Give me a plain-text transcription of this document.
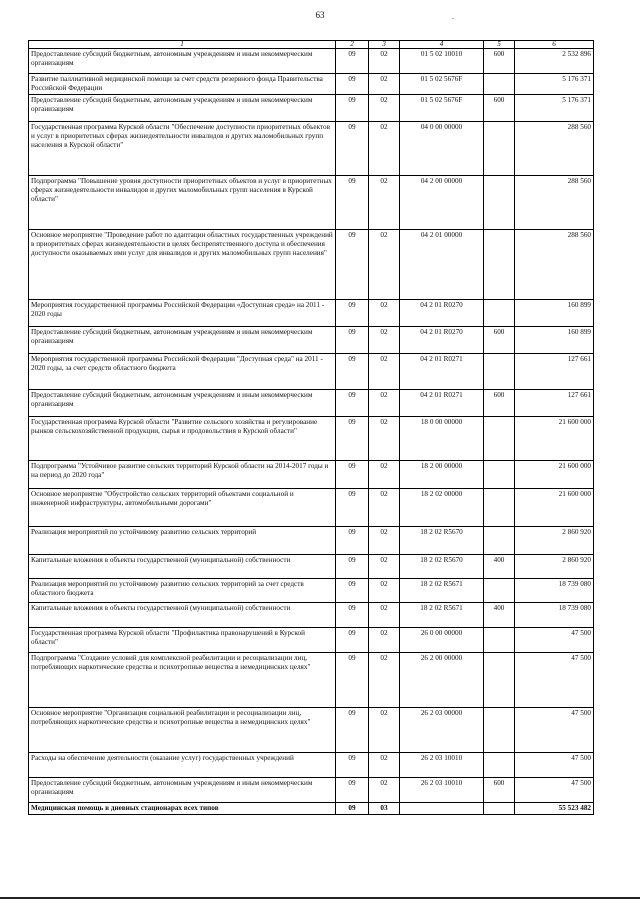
63	-
1	2	3	4	5	6
Предоставление субсидий бюджетным, автономным учреждениям и иным некоммерческим организациям	09	02	01 5 02 10010	600	2 532 896
Развитие паллиативной медицинской помощи за счет средств резервного фонда Правительства Российской Федерации	09	02	01 5 02 5676F		5 176 371
Предоставление субсидий бюджетным, автономным учреждениям и иным некоммерческим организациям	09	02	01 5 02 5676F	600	5 176 371
Государственная программа Курской области "Обеспечение доступности приоритетных объектов и услуг в приоритетных сферах жизнедеятельности инвалидов и других маломобильных групп населения в Курской области"	09	02	04 0 00 00000		288 560
Подпрограмма "Повышение уровня доступности приоритетных объектов и услуг в приоритетных сферах жизнедеятельности инвалидов и других маломобильных групп населения в Курской области"	09	02	04 2 00 00000		288 560
Основное мероприятие "Проведение работ по адаптации областных государственных учреждений в приоритетных сферах жизнедеятельности в целях беспрепятственного доступа и обеспечения доступности оказываемых ими услуг для инвалидов и других маломобильных групп населения"	09	02	04 2 01 00000		288 560
Мероприятия государственной программы Российской Федерации «Доступная среда» на 2011 - 2020 годы	09	02	04 2 01 R0270		160 899
Предоставление субсидий бюджетным, автономным учреждениям и иным некоммерческим организациям	09	02	04 2 01 R0270	600	160 899
Мероприятия государственной программы Российской Федерации "Доступная среда" на 2011 - 2020 годы, за счет средств областного бюджета	09	02	04 2 01 R0271		127 661
Предоставление субсидий бюджетным, автономным учреждениям и иным некоммерческим организациям	09	02	04 2 01 R0271	600	127 661
Государственная программа Курской области "Развитие сельского хозяйства и регулирование рынков сельскохозяйственной продукции, сырья и продовольствия в Курской области"	09	02	18 0 00 00000		21 600 000
Подпрограмма "Устойчивое развитие сельских территорий Курской области на 2014-2017 годы и на период до 2020 года"	09	02	18 2 00 00000		21 600 000
Основное мероприятие "Обустройство сельских территорий объектами социальной и инженерной инфраструктуры, автомобильными дорогами"	09	02	18 2 02 00000		21 600 000
Реализация мероприятий по устойчивому развитию сельских территорий	09	02	18 2 02 R5670		2 860 920
Капитальные вложения в объекты государственной (муниципальной) собственности	09	02	18 2 02 R5670	400	2 860 920
Реализация мероприятий по устойчивому развитию сельских территорий за счет средств областного бюджета	09	02	18 2 02 R5671		18 739 080
Капитальные вложения в объекты государственной (муниципальной) собственности	09	02	18 2 02 R5671	400	18 739 080
Государственная программа Курской области "Профилактика правонарушений в Курской области"	09	02	26 0 00 00000		47 500
Подпрограмма "Создание условий для комплексной реабилитации и ресоциализации лиц, потребляющих наркотические средства и психотропные вещества в немедицинских целях"	09	02	26 2 00 00000		47 500
Основное мероприятие "Организация социальной реабилитации и ресоциализации лиц, потребляющих наркотические средства и психотропные вещества в немедицинских целях"	09	02	26 2 03 00000		47 500
Расходы на обеспечение деятельности (оказание услуг) государственных учреждений	09	02	26 2 03 10010		47 500
Предоставление субсидий бюджетным, автономным учреждениям и иным некоммерческим организациям	09	02	26 2 03 10010	600	47 500
Медицинская помощь в дневных стационарах всех типов	09	03			55 523 482
